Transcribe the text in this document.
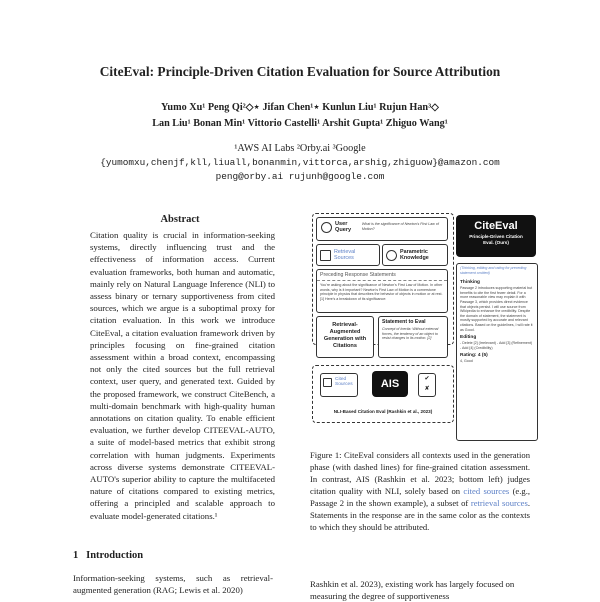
CiteEval: Principle-Driven Citation Evaluation for Source Attribution
Yumo Xu¹ Peng Qi²◇⋆ Jifan Chen¹⋆ Kunlun Liu¹ Rujun Han³◇
Lan Liu¹ Bonan Min¹ Vittorio Castelli¹ Arshit Gupta¹ Zhiguo Wang¹
¹AWS AI Labs ²Orby.ai ³Google
{yumomxu,chenjf,kll,liuall,bonanmin,vittorca,arshig,zhiguow}@amazon.com
peng@orby.ai rujunh@google.com
Abstract
Citation quality is crucial in information-seeking systems, directly influencing trust and the effectiveness of information access. Current evaluation frameworks, both human and automatic, mainly rely on Natural Language Inference (NLI) to assess binary or ternary supportiveness from cited sources, which we argue is a suboptimal proxy for citation evaluation. In this work we introduce CiteEval, a citation evaluation framework driven by principles focusing on fine-grained citation assessment within a broad context, encompassing not only the cited sources but the full retrieval context, user query, and generated text. Guided by the proposed framework, we construct CiteBench, a multi-domain benchmark with high-quality human annotations on citation quality. To enable efficient evaluation, we further develop CITEEVAL-AUTO, a suite of model-based metrics that exhibit strong correlation with human judgments. Experiments across diverse systems demonstrate CITEEVAL-AUTO's superior ability to capture the multifaceted nature of citations compared to existing metrics, offering a principled and scalable approach to evaluate model-generated citations.¹
1 Introduction
Information-seeking systems, such as retrieval-augmented generation (RAG; Lewis et al. 2020)
User Query
What is the significance of Newton's First Law of Motion?
Retrieval Sources
Parametric Knowledge
Preceding Response Statements
You're asking about the significance of Newton's First Law of Motion. In other words, why is it important? Newton's First Law of Motion is a cornerstone principle in physics that describes the behavior of objects in motion or at rest. [1] Here's a breakdown of its significance:
Retrieval-Augmented Generation with Citations
Statement to Eval
Concept of Inertia: Without external forces, the tendency of an object to resist changes in its motion. [2]
CiteEval
Principle-Driven Citation Eval. (Ours)
(Thinking, editing and rating for preceding statement omitted)
Thinking
Passage 2 introduces supporting material but benefits to cite the first fewer detail. For a more reasonable view may explain it with Passage 3, which provides direct evidence that objects persist. I will use source from Wikipedia to enhance the credibility. Despite the domain of statement, the statement is mostly supported by accurate and relevant citations. Based on the guidelines, I will rate it as Good.
Editing
- Delete [2] (Irrelevant) - Add [3] (Refinement) - Add [4] (Credibility)
Rating: 4 (5)
4, Good
Cited Sources	AIS	✔
✘
NLI-Based Citation Eval (Rashkin et al., 2023)
Figure 1: CiteEval considers all contexts used in the generation phase (with dashed lines) for fine-grained citation assessment. In contrast, AIS (Rashkin et al. 2023; bottom left) judges citation quality with NLI, solely based on cited sources (e.g., Passage 2 in the shown example), a subset of retrieval sources. Statements in the response are in the same color as the contexts to which they should be attributed.
Rashkin et al. 2023), existing work has largely focused on measuring the degree of supportiveness
